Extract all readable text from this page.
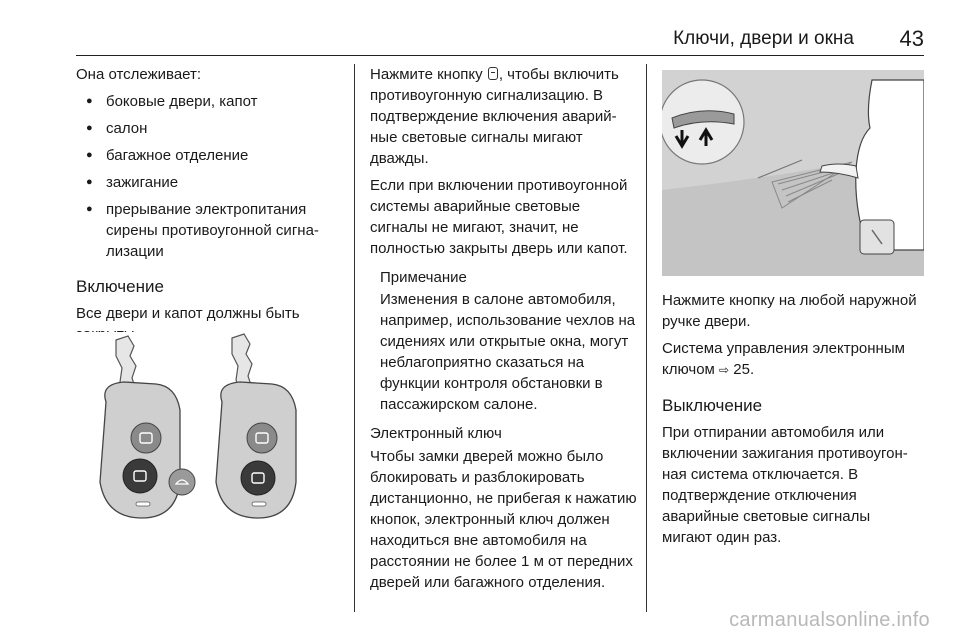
Ключи, двери и окна 43

Она отслеживает:

● боковые двери, капот
● салон
● багажное отделение
● зажигание
● прерывание электропитания сирены противоугонной сигнализации
Включение

Все двери и капот должны быть

Нажмите кнопку , чтобы включить противоугонную сигнализацию. В подтверждение включения аварийные световые сигналы мигают дважды.

Если при включении противоугонной системы аварийные световые сигналы не мигают, значит, не полностью закрыты дверь или капот.

Примечание
Изменения в салоне автомобиля, например, использование чехлов на сидениях или открытые окна, могут неблагоприятно сказаться на функции контроля обстановки в пассажирском салоне.
Электронный ключ

Чтобы замки дверей можно было блокировать и разблокировать дистанционно, не прибегая к нажатию кнопок, электронный ключ должен находиться вне автомобиля на расстоянии не более 1 м от передних дверей или багажного отделения.

Нажмите кнопку на любой наружной ручке двери.

Система управления электронным ключом ⇨ 25.

Выключение

При отпирании автомобиля или включении зажигания противоугонная система отключается. В подтверждение отключения аварийные световые сигналы мигают один раз.

carmanualsonline.info
